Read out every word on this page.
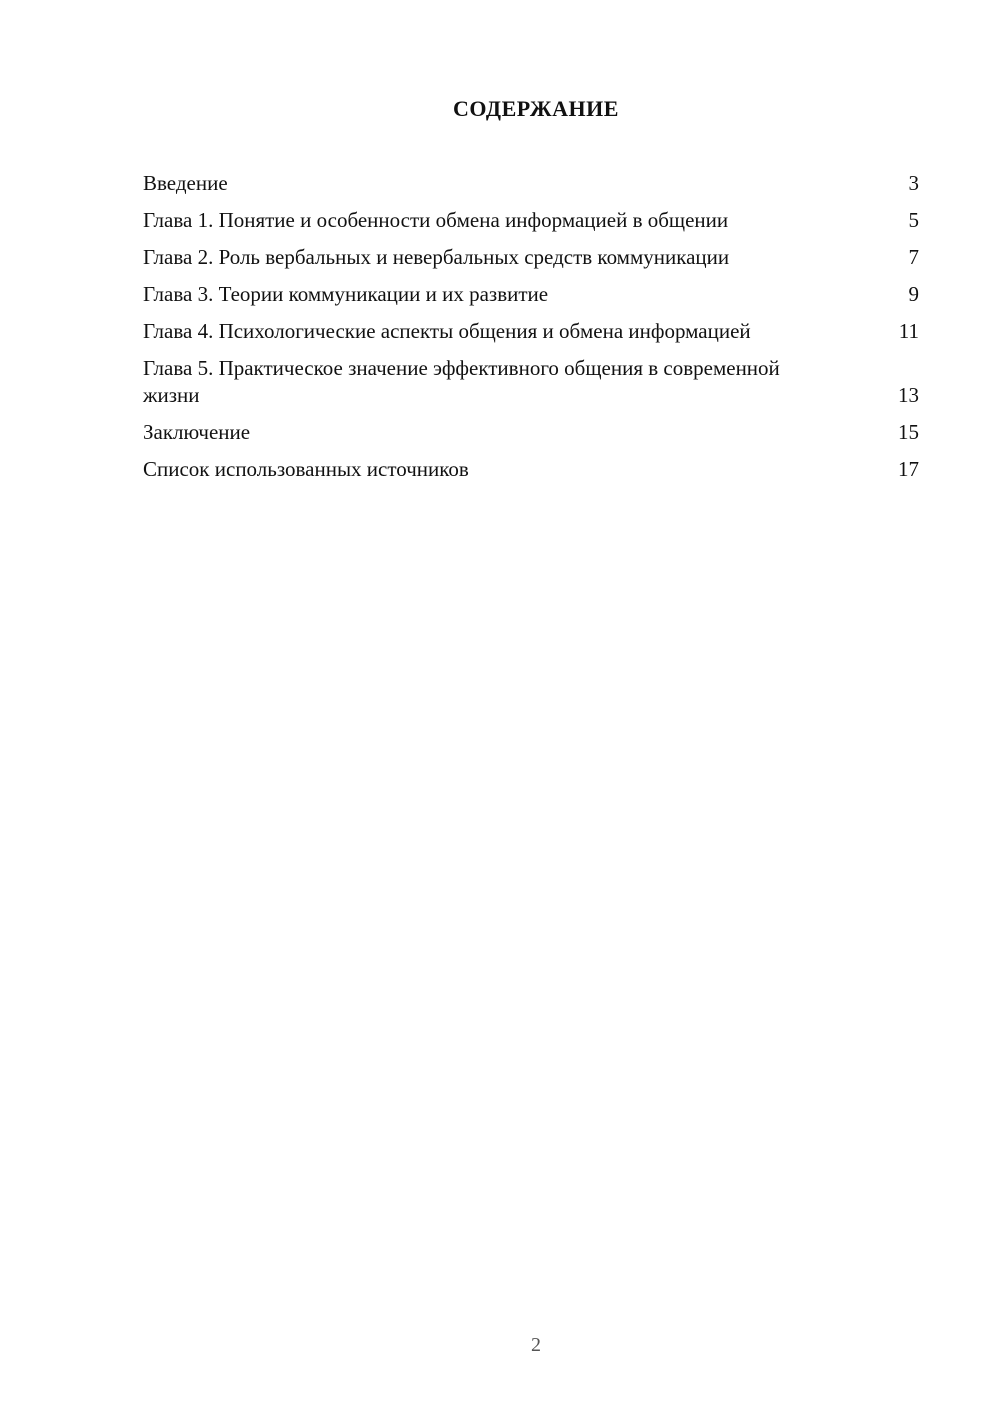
СОДЕРЖАНИЕ
Введение	3
Глава 1. Понятие и особенности обмена информацией в общении	5
Глава 2. Роль вербальных и невербальных средств коммуникации	7
Глава 3. Теории коммуникации и их развитие	9
Глава 4. Психологические аспекты общения и обмена информацией	11
Глава 5. Практическое значение эффективного общения в современной жизни	13
Заключение	15
Список использованных источников	17
2
